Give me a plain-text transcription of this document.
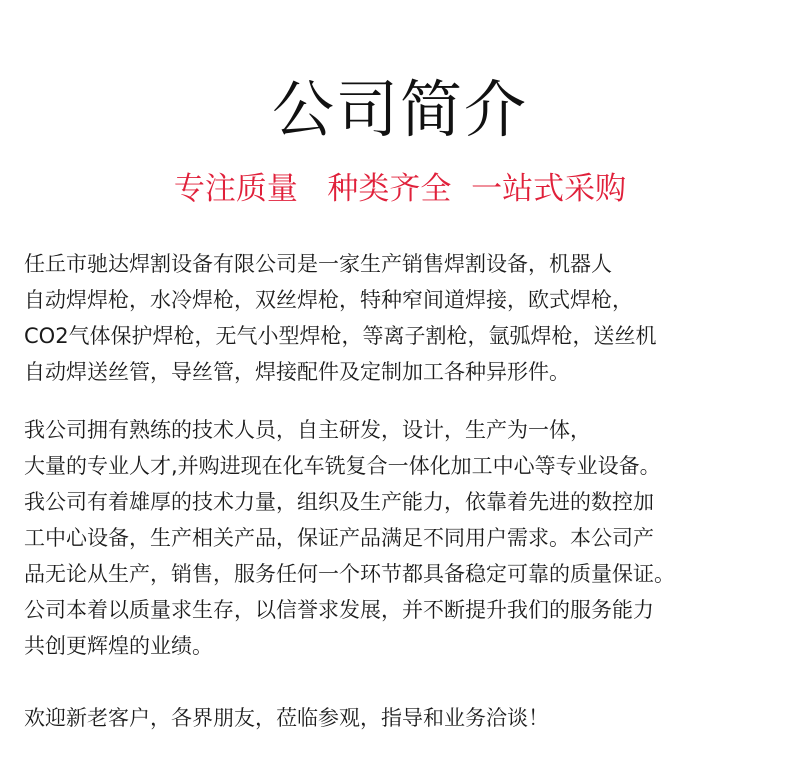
公司简介
专注质量   种类齐全  一站式采购
任丘市驰达焊割设备有限公司是一家生产销售焊割设备，机器人
自动焊焊枪，水冷焊枪，双丝焊枪，特种窄间道焊接，欧式焊枪，
CO2气体保护焊枪，无气小型焊枪，等离子割枪，氩弧焊枪，送丝机
自动焊送丝管，导丝管，焊接配件及定制加工各种异形件。
我公司拥有熟练的技术人员，自主研发，设计，生产为一体，
大量的专业人才,并购进现在化车铣复合一体化加工中心等专业设备。
我公司有着雄厚的技术力量，组织及生产能力，依靠着先进的数控加
工中心设备，生产相关产品，保证产品满足不同用户需求。本公司产
品无论从生产，销售，服务任何一个环节都具备稳定可靠的质量保证。
公司本着以质量求生存，以信誉求发展，并不断提升我们的服务能力
共创更辉煌的业绩。
欢迎新老客户，各界朋友，莅临参观，指导和业务洽谈！
